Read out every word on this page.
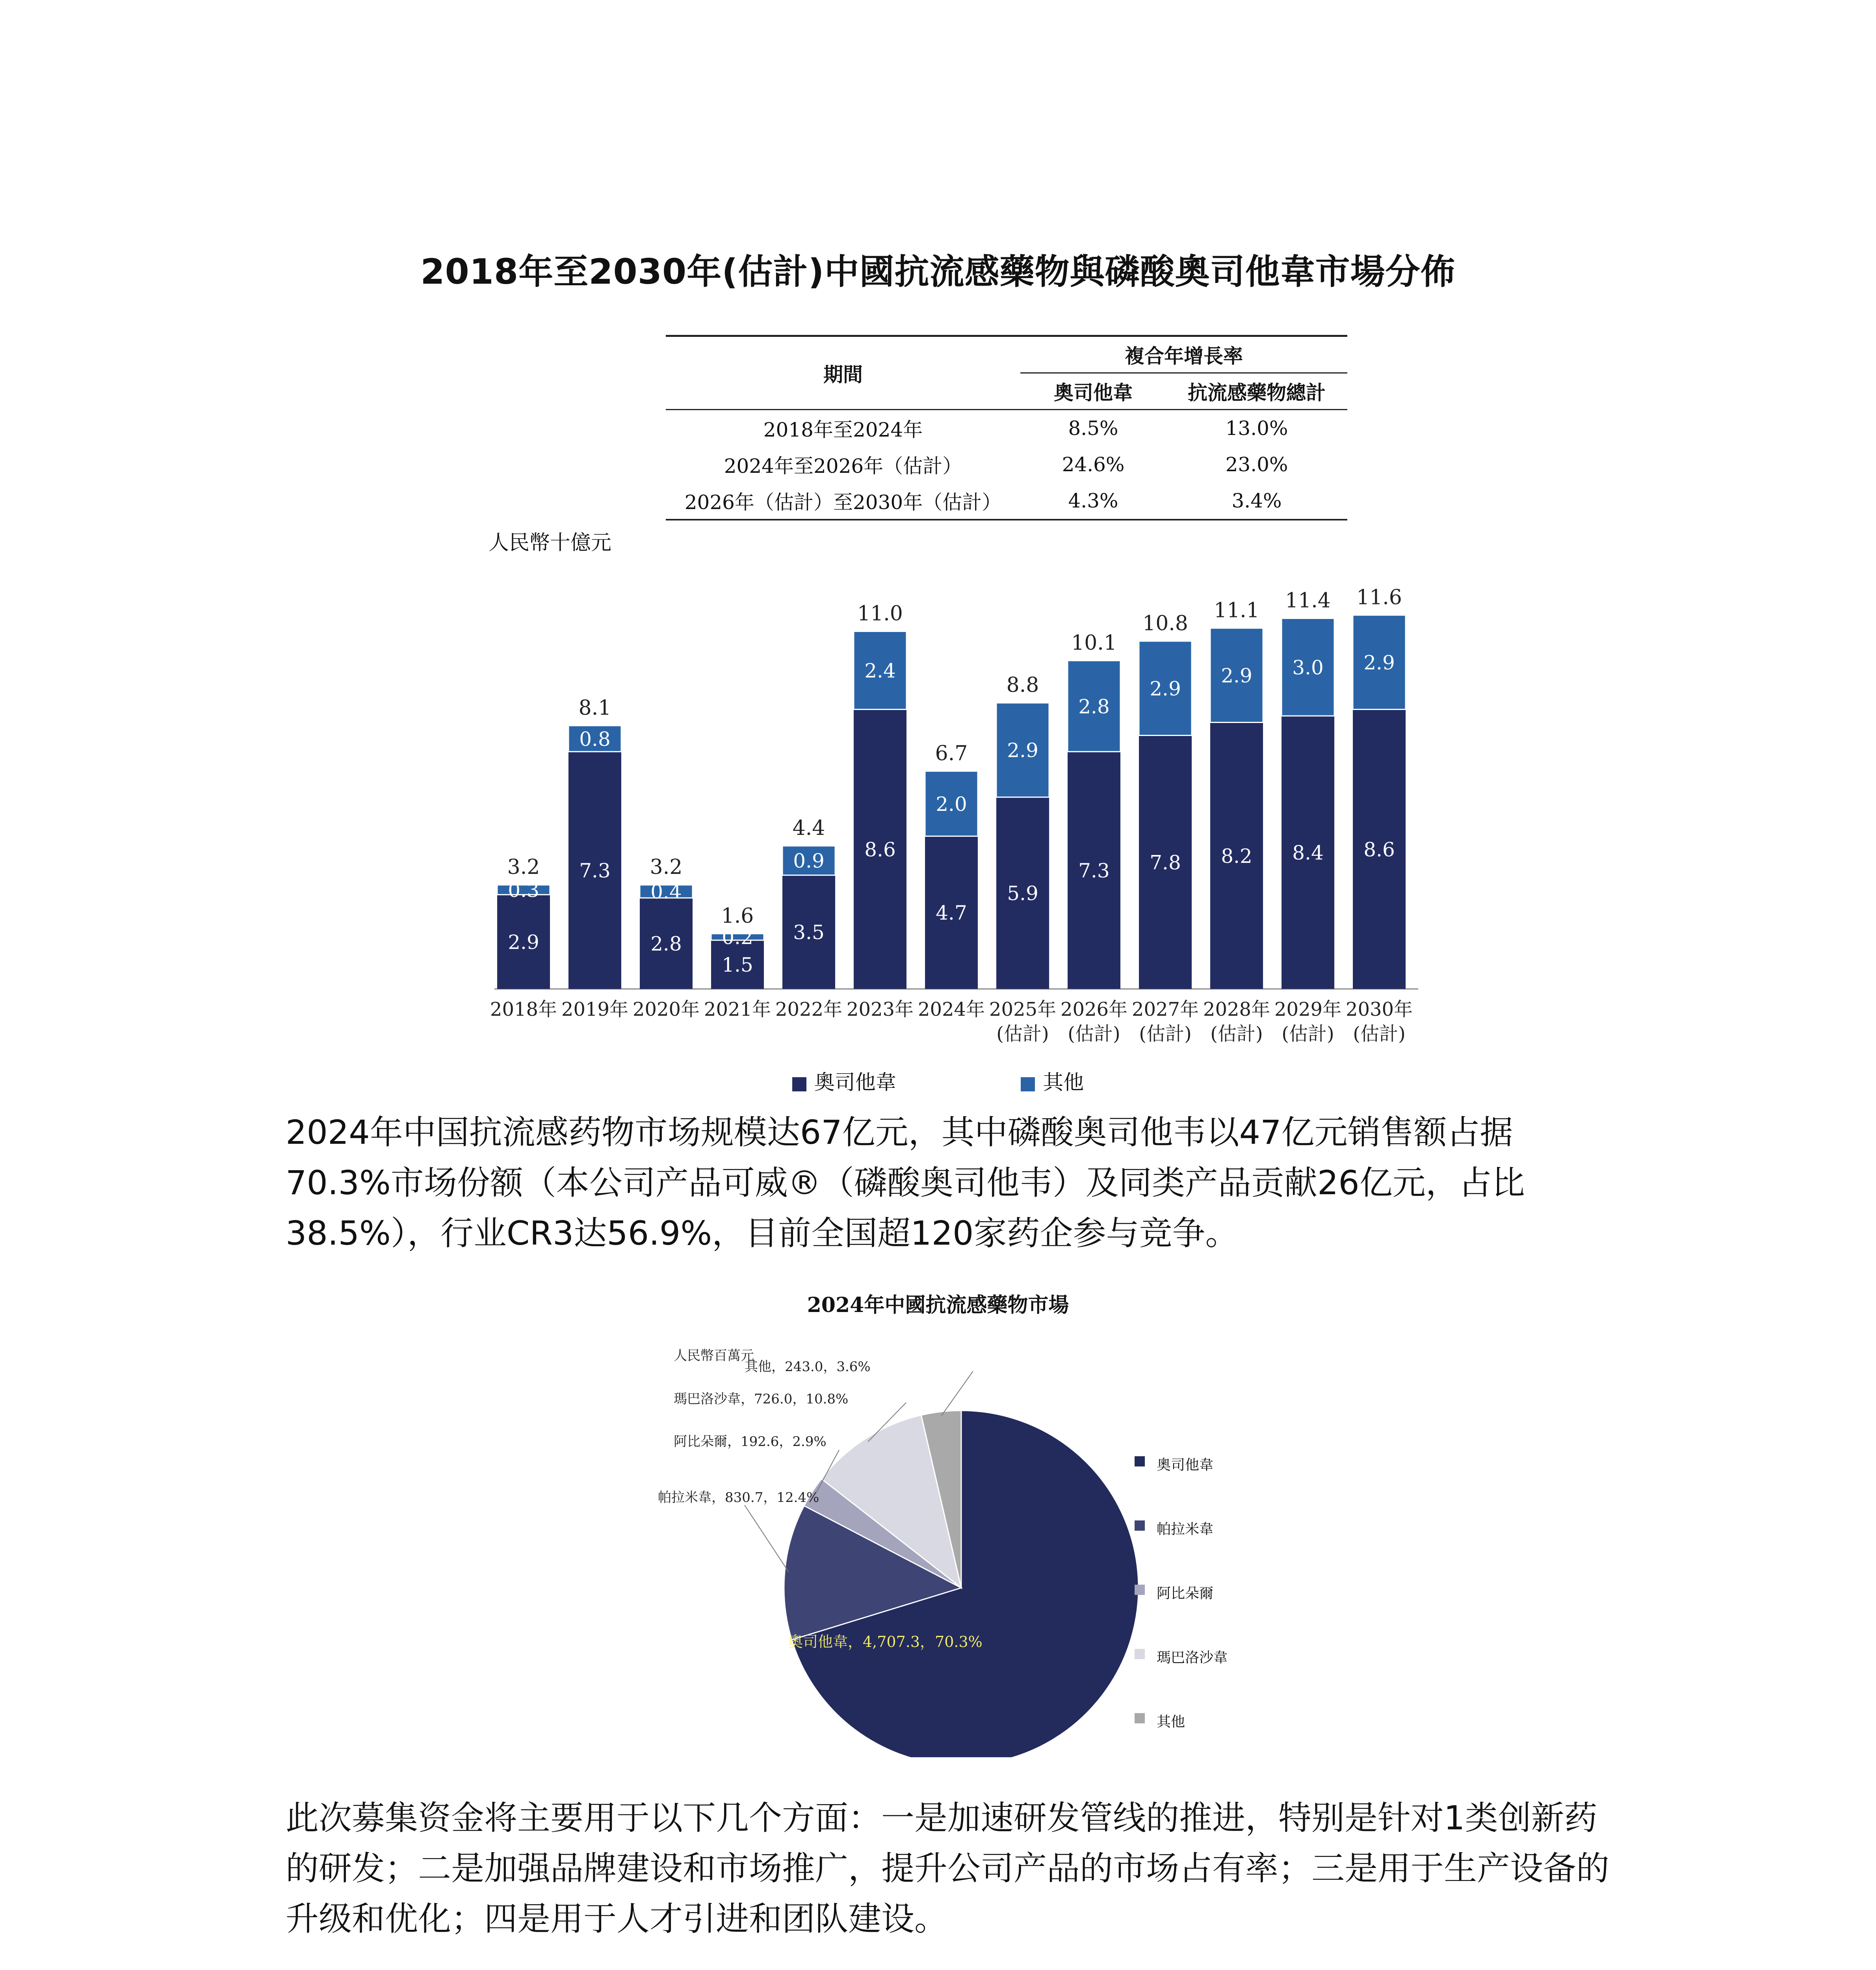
2018年至2030年(估計)中國抗流感藥物與磷酸奧司他韋市場分佈
期間	複合年增長率	
	奧司他韋	抗流感藥物總計
2018年至2024年	8.5%	13.0%
2024年至2026年（估計）	24.6%	23.0%
2026年（估計）至2030年（估計）	4.3%	3.4%
人民幣十億元
2.9
0.3
3.2
2018年
7.3
0.8
8.1
2019年
2.8
0.4
3.2
2020年
1.5
0.2
1.6
2021年
3.5
0.9
4.4
2022年
8.6
2.4
11.0
2023年
4.7
2.0
6.7
2024年
5.9
2.9
8.8
2025年
(估計)
7.3
2.8
10.1
2026年
(估計)
7.8
2.9
10.8
2027年
(估計)
8.2
2.9
11.1
2028年
(估計)
8.4
3.0
11.4
2029年
(估計)
8.6
2.9
11.6
2030年
(估計)
奧司他韋	其他
2024年中国抗流感药物市场规模达67亿元，其中磷酸奥司他韦以47亿元销售额占据70.3%市场份额（本公司产品可威®（磷酸奥司他韦）及同类产品贡献26亿元，占比38.5%），行业CR3达56.9%，目前全国超120家药企参与竞争。
2024年中國抗流感藥物市場
人民幣百萬元
奧司他韋，4,707.3，70.3%
帕拉米韋，830.7，12.4%
阿比朵爾，192.6，2.9%
瑪巴洛沙韋，726.0，10.8%
其他，243.0，3.6%
奧司他韋
帕拉米韋
阿比朵爾
瑪巴洛沙韋
其他
此次募集资金将主要用于以下几个方面：一是加速研发管线的推进，特别是针对1类创新药的研发；二是加强品牌建设和市场推广，提升公司产品的市场占有率；三是用于生产设备的升级和优化；四是用于人才引进和团队建设。
